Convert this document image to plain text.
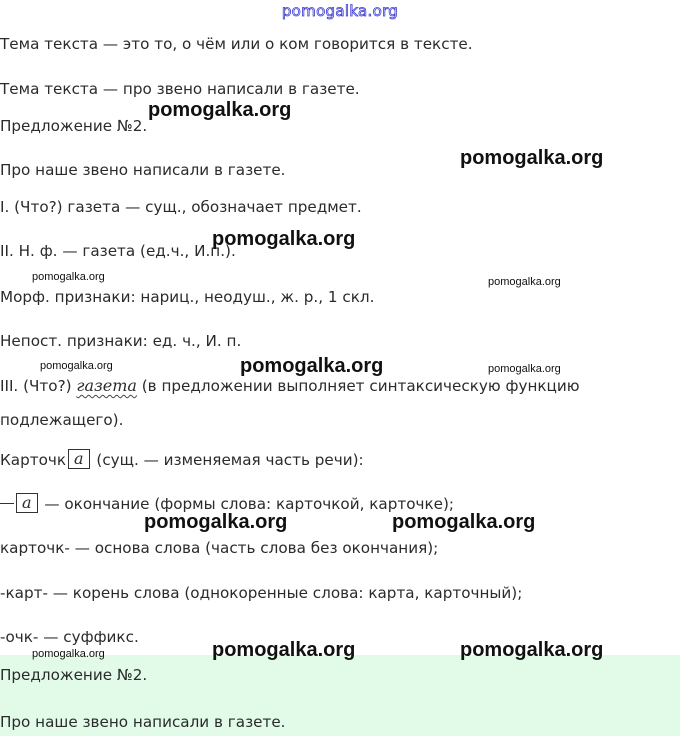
pomogalka.org
Тема текста — это то, о чём или о ком говорится в тексте.
Тема текста — про звено написали в газете.
Предложение №2.
Про наше звено написали в газете.
I. (Что?) газета — сущ., обозначает предмет.
II. Н. ф. — газета (ед.ч., И.п.).
Морф. признаки: нариц., неодуш., ж. р., 1 скл.
Непост. признаки: ед. ч., И. п.
III. (Что?) газета (в предложении выполняет синтаксическую функцию
подлежащего).
Карточк а (сущ. — изменяемая часть речи):
а — окончание (формы слова: карточкой, карточке);
карточк- — основа слова (часть слова без окончания);
-карт- — корень слова (однокоренные слова: карта, карточный);
-очк- — суффикс.
Предложение №2.
Про наше звено написали в газете.
pomogalka.org
pomogalka.org
pomogalka.org
pomogalka.org	pomogalka.org
pomogalka.org	pomogalka.org	pomogalka.org
pomogalka.org	pomogalka.org
pomogalka.org	pomogalka.org	pomogalka.org
